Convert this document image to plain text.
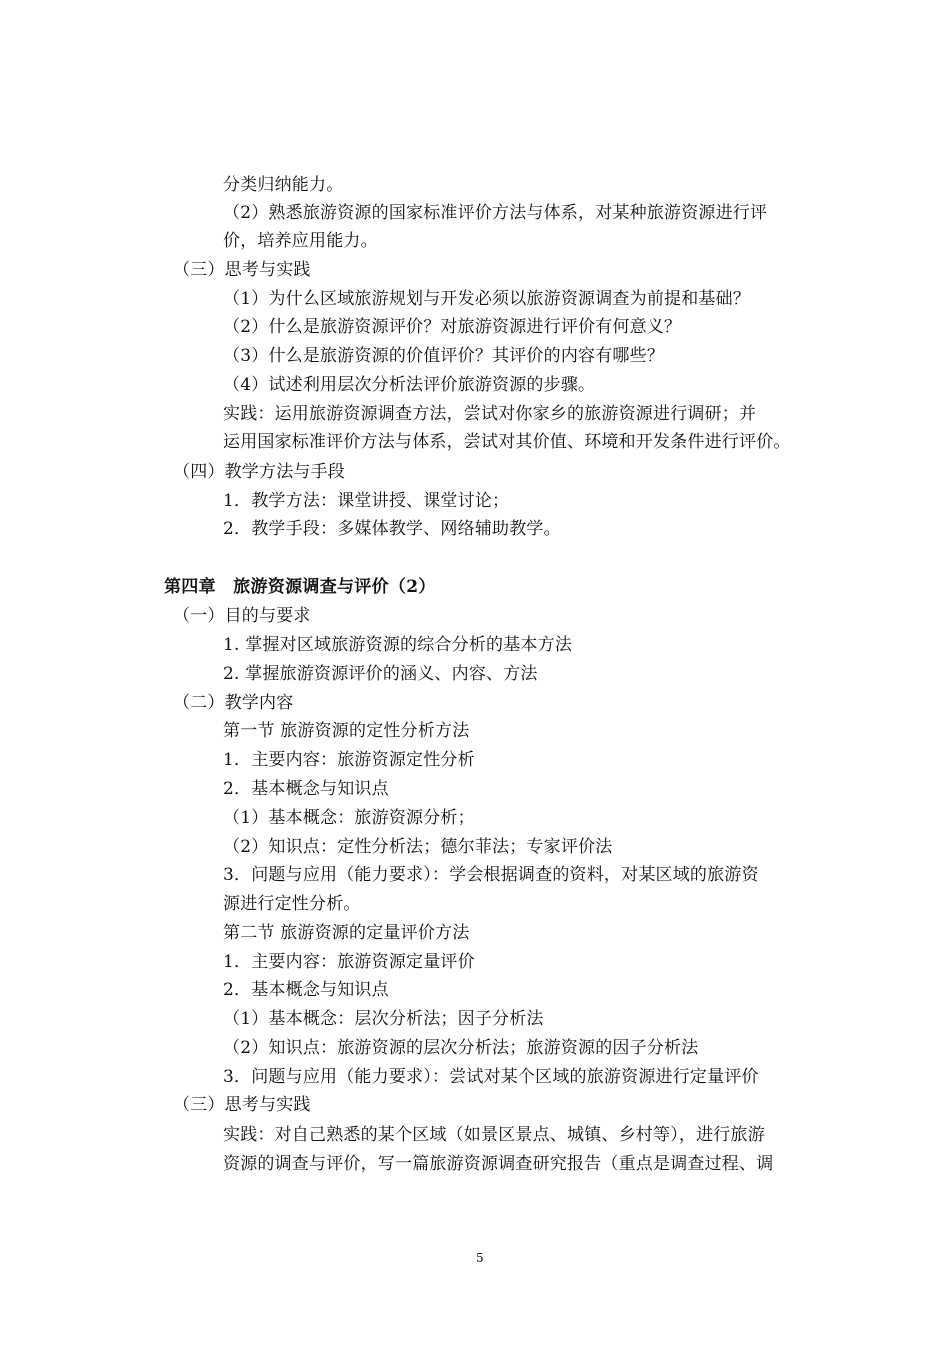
分类归纳能力。
（2）熟悉旅游资源的国家标准评价方法与体系，对某种旅游资源进行评
价，培养应用能力。
（三）思考与实践
（1）为什么区域旅游规划与开发必须以旅游资源调查为前提和基础？
（2）什么是旅游资源评价？对旅游资源进行评价有何意义？
（3）什么是旅游资源的价值评价？其评价的内容有哪些？
（4）试述利用层次分析法评价旅游资源的步骤。
实践：运用旅游资源调查方法，尝试对你家乡的旅游资源进行调研；并
运用国家标准评价方法与体系，尝试对其价值、环境和开发条件进行评价。
（四）教学方法与手段
1．教学方法：课堂讲授、课堂讨论；
2．教学手段：多媒体教学、网络辅助教学。
第四章　旅游资源调查与评价（2）
（一）目的与要求
1. 掌握对区域旅游资源的综合分析的基本方法
2. 掌握旅游资源评价的涵义、内容、方法
（二）教学内容
第一节 旅游资源的定性分析方法
1．主要内容：旅游资源定性分析
2．基本概念与知识点
（1）基本概念：旅游资源分析；
（2）知识点：定性分析法；德尔菲法；专家评价法
3．问题与应用（能力要求）：学会根据调查的资料，对某区域的旅游资
源进行定性分析。
第二节 旅游资源的定量评价方法
1．主要内容：旅游资源定量评价
2．基本概念与知识点
（1）基本概念：层次分析法；因子分析法
（2）知识点：旅游资源的层次分析法；旅游资源的因子分析法
3．问题与应用（能力要求）：尝试对某个区域的旅游资源进行定量评价
（三）思考与实践
实践：对自己熟悉的某个区域（如景区景点、城镇、乡村等），进行旅游
资源的调查与评价，写一篇旅游资源调查研究报告（重点是调查过程、调
5
